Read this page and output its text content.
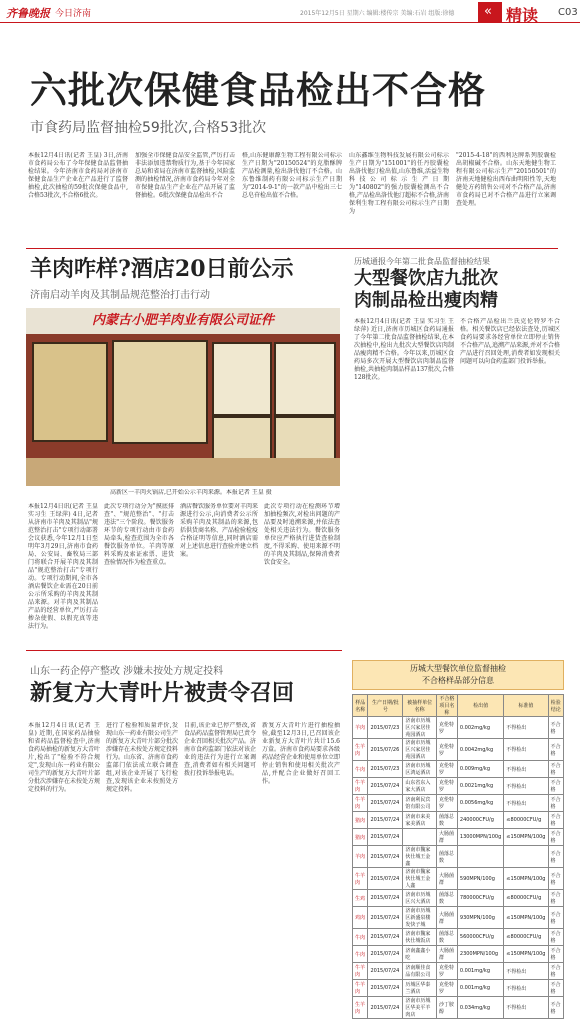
齐鲁晚报 今日济南	2015年12月5日 星期六 编辑:楼传宗 美编:石岩 组版:徐德 « 精读 C03
六批次保健食品检出不合格
市食药局监督抽检59批次,合格53批次
本报12月4日讯(记者 王皇) 3日,济南市食药局公布了今年保健食品监督抽检结果。今年济南市食药局对济南市保健食品生产企业在产品进行了监督抽检,此次抽检的59批次保健食品中,合格53批次,不合格6批次。
加强全市保健食品安全监管,严厉打击非法添加违禁物质行为,基于今年国家总局和省局在济南市监督抽检,风险监测的抽检情况,济南市食药局今年对全市保健食品生产企业在产品开展了监督抽检。6批次保健食品检出不合
格,山东健康源生物工程有限公司标示生产日期为"20150524"的克脂酥牌产品检测量,检出洛伐他汀不合格。山东鲁维制药有限公司标示生产日期为"2014-9-1"的一款产品中检出三七总皂苷检出值不合格。
山东鑫维生物科技发展有限公司标示生产日期为"151001"的任丹胶囊检出洛伐他汀检出值,山东鲁维,活益生物科技公司标示生产日期为"140802"的强力胶囊检测出不合格,产品检出洛伐他汀超标不合格,济南保利生物工程有限公司标示生产日期为
"2015-4-18"的西利达牌系列胶囊检出胡椒碱不合格。山东天地健生物工程有限公司标示生产"20150501"的济南天地健检出西布曲明阳性等,天地健处方药销售公司对不合格产品,济南市食药局已对不合格产品进行立案调查处理。
羊肉咋样?酒店20日前公示
济南启动羊肉及其制品规范整治打击行动
内蒙古小肥羊肉业有限公司证件
高新区一羊肉火锅店,已开始公示羊肉来源。本报记者 王皇 摄
本报12月4日讯(记者 王皇 实习生 王绿萍) 4日,记者从济南市羊肉及其制品"规范整治打击"专项行动部署会议获悉,今年12月1日至明年3月29日,济南市食药局、公安局、畜牧局三部门将联合开展羊肉及其制品"规范整治打击"专项行动。专项行动期间,全市各酒店餐饮企业需在20日前公示所采购的羊肉及其制品来源。对羊肉及其制品产品的经营单位,严厉打击掺杂使假、以假充真等违法行为。
此次专项行动分为"摸底排查"、"规范整治"、"打击违法"三个阶段。餐饮服务环节的专项行动由市食药局牵头,检查范围为全市各餐饮服务单位。羊肉等原料采购及索证索票、进货查验情况作为检查重点。
酒店餐饮服务单位要对羊肉来源进行公示,向消费者公示所采购羊肉及其制品的来源,包括供货商名称、产品检验检疫合格证明等信息,同时酒店需对上述信息进行查验并建立档案。
此次专项行动在检测环节增加抽检频次,对检出问题的产品要及时追溯来源,并依法查处相关违法行为。餐饮服务单位应严格执行进货查验制度,不得采购、使用来源不明的羊肉及其制品,保障消费者饮食安全。
历城通报今年第二批食品监督抽检结果
大型餐饮店九批次
肉制品检出瘦肉精
本报12月4日讯(记者 王皇 实习生 王绿萍) 近日,济南市历城区食药局通报了今年第二批食品监督抽检结果,在本次抽检中,检出九批次大型餐饮店肉制品瘦肉精不合格。今年以来,历城区食药局多次开展大型餐饮店肉制品监督抽检,共抽检肉制品样品137批次,合格128批次。
不合格产品检出兰氏克伦特罗不合格。相关餐饮店已经依法查处,历城区食药局要求各经营单位立即停止销售不合格产品,追溯产品来源,并对不合格产品进行召回处理,消费者如发现相关问题可以向食药监部门投诉举报。
历城大型餐饮单位监督抽检
不合格样品部分信息
样品名称	生产日期/批号	被抽样单位名称	不合格项目名称	检出值	标准值	检验结论
羊肉	2015/07/23	济南市历城区兴家居佳苑园酒店	克伦特罗	0.002mg/kg	不得检出	不合格
生羊肉	2015/07/26	济南市历城区兴家居佳苑园酒店	克伦特罗	0.0042mg/kg	不得检出	不合格
牛肉	2015/07/23	济南市历城区鸿运酒店	克伦特罗	0.009mg/kg	不得检出	不合格
牛羊肉	2015/07/24	山东省东入家大酒店	克伦特罗	0.0021mg/kg	不得检出	不合格
牛羊肉	2015/07/24	济南利民宾馆有限公司	克伦特罗	0.0056mg/kg	不得检出	不合格
猪肉	2015/07/24	济南市来美家美酒店	菌落总数	240000CFU/g	≤80000CFU/g	不合格
猪肉	2015/07/24		大肠菌群	13000MPN/100g	≤150MPN/100g	不合格
羊肉	2015/07/24	济南市魏家伙仕城王金鑫	菌落总数			不合格
牛羊肉	2015/07/24	济南市魏家伙仕城王金人鑫	大肠菌群	590MPN/100g	≤150MPN/100g	不合格
生鸡	2015/07/24	济南市历城区兴大酒店	菌落总数	780000CFU/g	≤80000CFU/g	不合格
鸡肉	2015/07/24	济南市历城区新盛泉楼发快子城	大肠菌群	930MPN/100g	≤150MPN/100g	不合格
牛肉	2015/07/24	济南市魏家伙仕城饭店	菌落总数	560000CFU/g	≤80000CFU/g	不合格
牛肉	2015/07/24	济南鑫鑫小吃	大肠菌群	2300MPN/100g	≤150MPN/100g	不合格
牛羊肉	2015/07/24	济南顺佳食品有限公司	克伦特罗	0.001mg/kg	不得检出	不合格
牛羊肉	2015/07/24	历城区华泰兰酒店	克伦特罗	0.001mg/kg	不得检出	不合格
生羊肉	2015/07/24	济南市历城区华美平羊肉店	沙丁胺醇	0.034mg/kg	不得检出	不合格
山东一药企停产整改 涉嫌未按处方规定投料
新复方大青叶片被责令召回
本报12月4日讯(记者 王皇) 近期,在国家药品抽验和省药品监督检查中,济南食药局抽检的新复方大青叶片,检出了"检验不符合规定",发现山东一药业有限公司生产的新复方大青叶片部分批次涉嫌存在未按处方规定投料的行为。
进行了检验和质量评价,发现山东一药业有限公司生产的新复方大青叶片部分批次涉嫌存在未按处方规定投料行为。山东省、济南市食药监部门依法成立联合调查组,对该企业开展了飞行检查,发现该企业未按照处方规定投料。
目前,该企业已停产整改,省食品药品监督管理局已责令企业召回相关批次产品。济南市食药监部门依法对该企业的违法行为进行立案调查,消费者如有相关问题可拨打投诉举报电话。
新复方大青叶片进行抽检抽验,截至12月3日,已召回该企业新复方大青叶片共计15.6万盒。济南市食药局要求各级药品经营企业和使用单位立即停止销售和使用相关批次产品,并配合企业做好召回工作。
